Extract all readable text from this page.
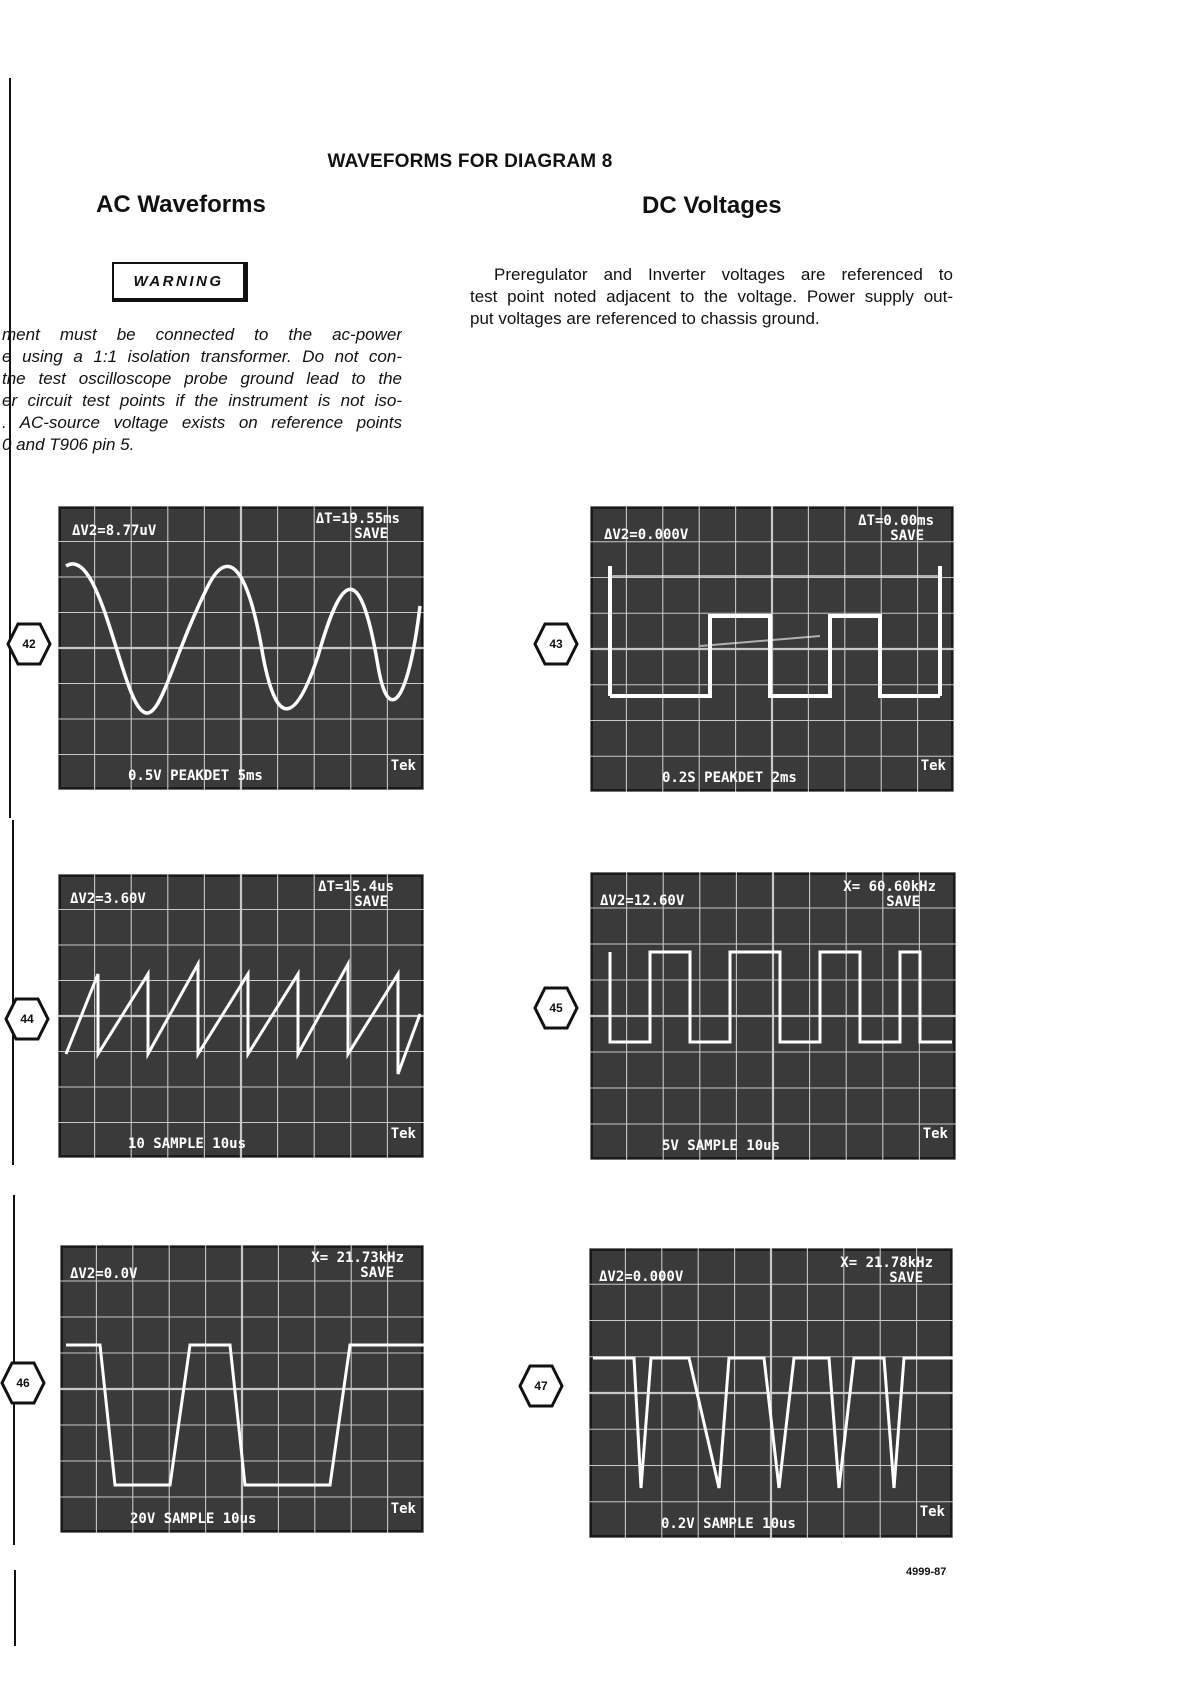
WAVEFORMS FOR DIAGRAM 8
AC Waveforms	DC Voltages
WARNING
ment must be connected to the ac-power
e using a 1:1 isolation transformer. Do not con-
the test oscilloscope probe ground lead to the
er circuit test points if the instrument is not iso-
. AC-source voltage exists on reference points
0 and T906 pin 5.
Preregulator and Inverter voltages are referenced to
test point noted adjacent to the voltage. Power supply out-
put voltages are referenced to chassis ground.
ΔV2=8.77uV
ΔT=19.55ms
SAVE
0.5V PEAKDET 5ms
Tek
42
ΔV2=0.000V
ΔT=0.00ms
SAVE
0.2S PEAKDET 2ms
Tek
43
ΔV2=3.60V
ΔT=15.4us
SAVE
10 SAMPLE 10us
Tek
44
ΔV2=12.60V
X= 60.60kHz
SAVE
5V SAMPLE 10us
Tek
45
ΔV2=0.0V
X= 21.73kHz
SAVE
20V SAMPLE 10us
Tek
46
ΔV2=0.000V
X= 21.78kHz
SAVE
0.2V SAMPLE 10us
Tek
47
4999-87
